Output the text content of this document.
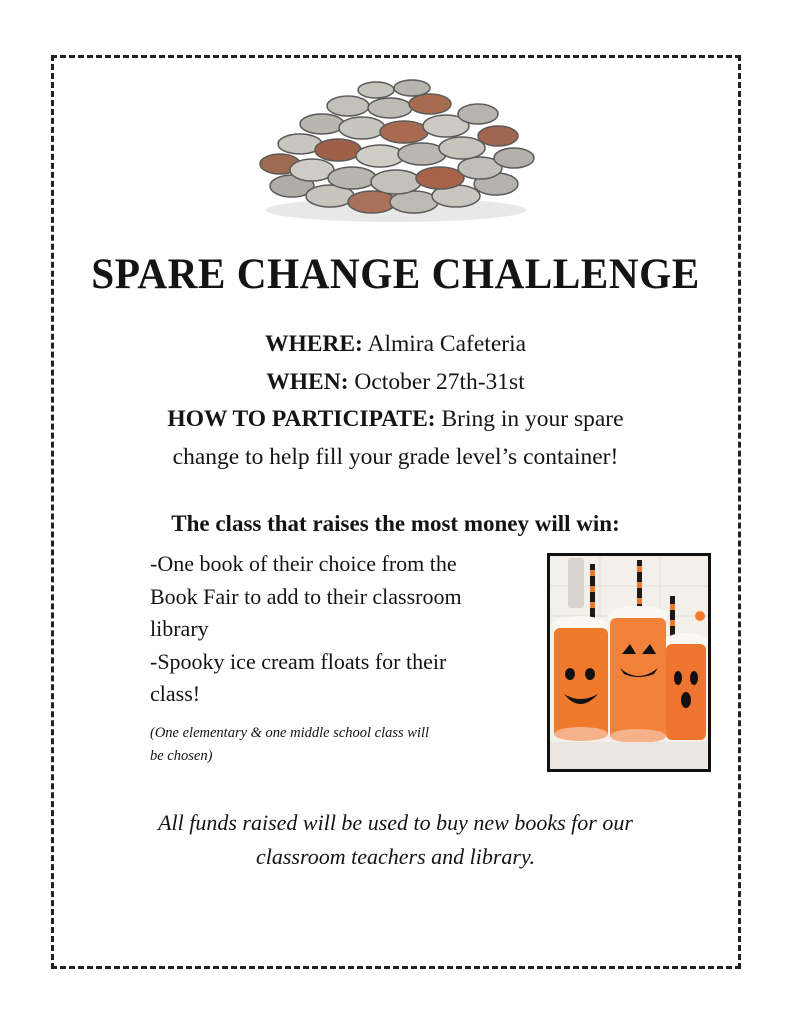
SPARE CHANGE CHALLENGE
WHERE: Almira Cafeteria
WHEN: October 27th-31st
HOW TO PARTICIPATE: Bring in your spare
change to help fill your grade level’s container!
The class that raises the most money will win:
-One book of their choice from the
Book Fair to add to their classroom
library
-Spooky ice cream floats for their
class!
(One elementary & one middle school class will
be chosen)
All funds raised will be used to buy new books for our
classroom teachers and library.
